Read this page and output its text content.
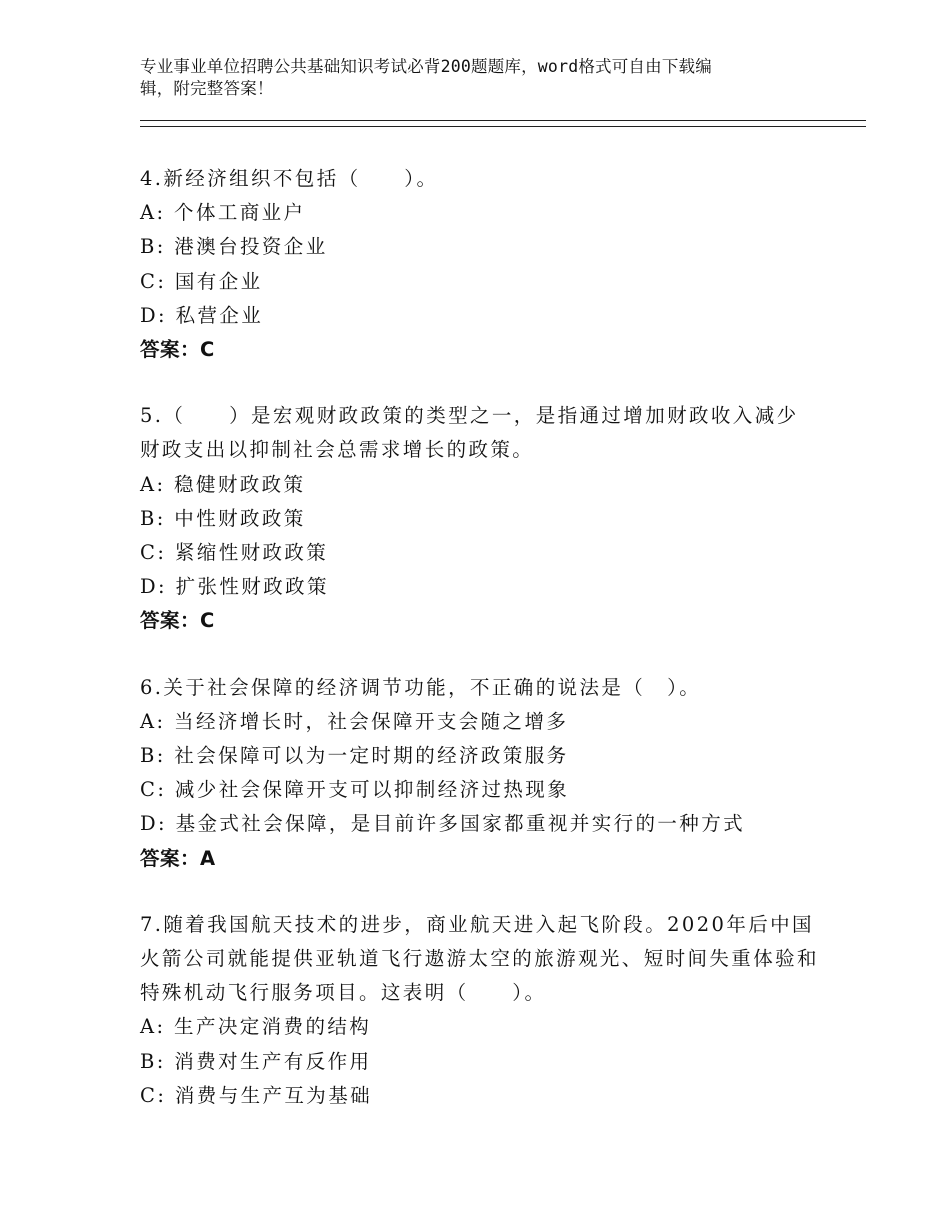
专业事业单位招聘公共基础知识考试必背200题题库，word格式可自由下载编
辑，附完整答案！
4.新经济组织不包括（　　）。
A: 个体工商业户
B: 港澳台投资企业
C: 国有企业
D: 私营企业
答案：C
5.（　　）是宏观财政政策的类型之一，是指通过增加财政收入减少财政支出以抑制社会总需求增长的政策。
A: 稳健财政政策
B: 中性财政政策
C: 紧缩性财政政策
D: 扩张性财政政策
答案：C
6.关于社会保障的经济调节功能，不正确的说法是（　）。
A: 当经济增长时，社会保障开支会随之增多
B: 社会保障可以为一定时期的经济政策服务
C: 减少社会保障开支可以抑制经济过热现象
D: 基金式社会保障，是目前许多国家都重视并实行的一种方式
答案：A
7.随着我国航天技术的进步，商业航天进入起飞阶段。2020年后中国火箭公司就能提供亚轨道飞行遨游太空的旅游观光、短时间失重体验和特殊机动飞行服务项目。这表明（　　）。
A: 生产决定消费的结构
B: 消费对生产有反作用
C: 消费与生产互为基础
